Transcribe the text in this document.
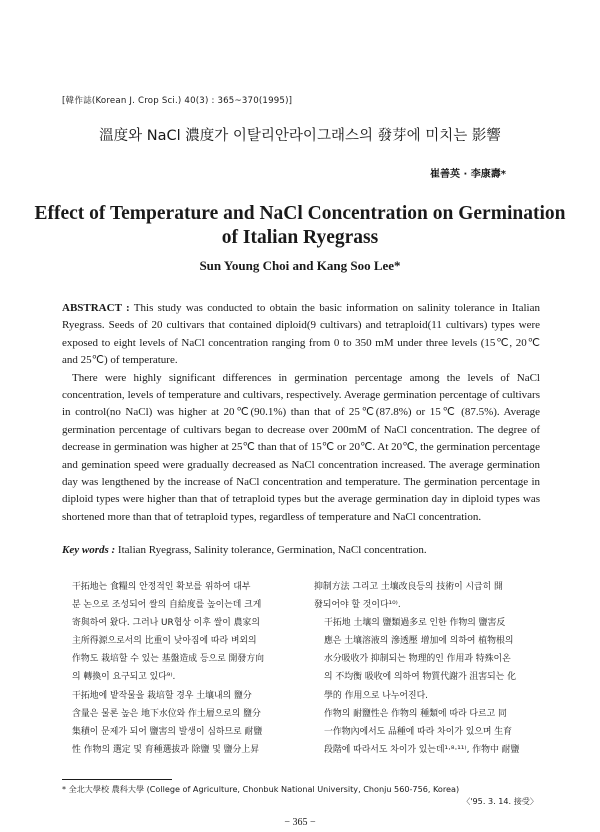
[韓作誌(Korean J. Crop Sci.) 40(3) : 365~370(1995)]
溫度와 NaCl 濃度가 이탈리안라이그래스의 發芽에 미치는 影響
崔善英 · 李康壽*
Effect of Temperature and NaCl Concentration on Germination
of Italian Ryegrass
Sun Young Choi and Kang Soo Lee*

ABSTRACT : This study was conducted to obtain the basic information on salinity tolerance in Italian Ryegrass. Seeds of 20 cultivars that contained diploid(9 cultivars) and tetraploid(11 cultivars) types were exposed to eight levels of NaCl concentration ranging from 0 to 350 mM under three levels (15℃, 20℃ and 25℃) of temperature.

There were highly significant differences in germination percentage among the levels of NaCl concentration, levels of temperature and cultivars, respectively. Average germination percentage of cultivars in control(no NaCl) was higher at 20℃(90.1%) than that of 25℃(87.8%) or 15℃ (87.5%). Average germination percentage of cultivars began to decrease over 200mM of NaCl concentration. The degree of decrease in germination was higher at 25℃ than that of 15℃ or 20℃. At 20℃, the germination percentage and gemination speed were gradually decreased as NaCl concentration increased. The average germination day was lengthened by the increase of NaCl concentration and temperature. The germination percentage in diploid types were higher than that of tetraploid types but the average germination day in diploid types was shortened more than that of tetraploid types, regardless of temperature and NaCl concentration.

Key words : Italian Ryegrass, Salinity tolerance, Germination, NaCl concentration.

干拓地는 食糧의 안정적인 확보를 위하여 대부
분 논으로 조성되어 쌀의 自給度를 높이는데 크게
寄與하여 왔다. 그러나 UR협상 이후 쌀이 農家의
主所得源으로서의 比重이 낮아짐에 따라 벼외의
作物도 栽培할 수 있는 基盤造成 등으로 開發方向
의 轉換이 요구되고 있다⁹⁾.

干拓地에 밭작물을 栽培할 경우 土壤내의 鹽分
含量은 물론 높은 地下水位와 作土層으로의 鹽分
集積이 문제가 되어 鹽害의 발생이 심하므로 耐鹽
性 作物의 選定 및 育種選拔과 除鹽 및 鹽分上昇

抑制方法 그리고 土壤改良등의 技術이 시급히 開
發되어야 할 것이다¹⁰⁾.

干拓地 土壤의 鹽類過多로 인한 作物의 鹽害反
應은 土壤溶液의 滲透壓 增加에 의하여 植物根의
水分吸收가 抑制되는 物理的인 作用과 特殊이온
의 不均衡 吸收에 의하여 物質代謝가 沮害되는 化
學的 作用으로 나누어진다.

作物의 耐鹽性은 作物의 種類에 따라 다르고 同
一作物內에서도 品種에 따라 차이가 있으며 生育
段階에 따라서도 차이가 있는데¹·⁸·¹¹⁾, 作物中 耐鹽

* 全北大學校 農科大學 (College of Agriculture, Chonbuk National University, Chonju 560-756, Korea)
〈'95. 3. 14. 接受〉
− 365 −
